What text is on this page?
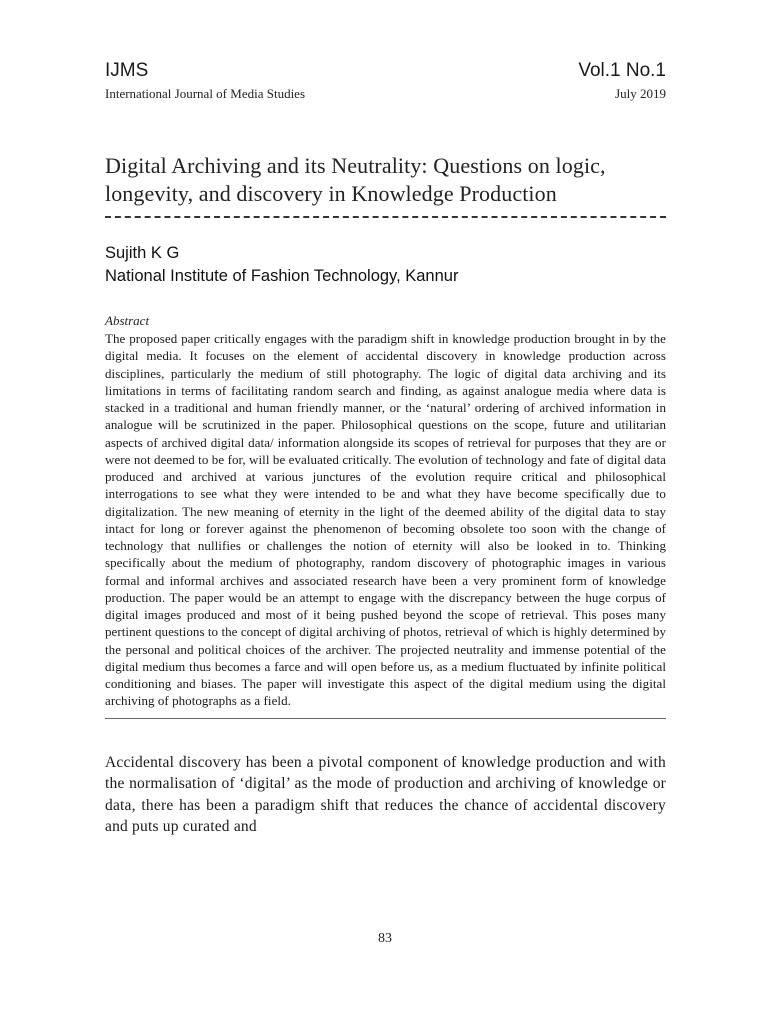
IJMS	Vol.1 No.1
International Journal of Media Studies	July 2019
Digital Archiving and its Neutrality: Questions on logic, longevity, and discovery in Knowledge Production
Sujith K G
National Institute of Fashion Technology, Kannur
Abstract
The proposed paper critically engages with the paradigm shift in knowledge production brought in by the digital media. It focuses on the element of accidental discovery in knowledge production across disciplines, particularly the medium of still photography. The logic of digital data archiving and its limitations in terms of facilitating random search and finding, as against analogue media where data is stacked in a traditional and human friendly manner, or the ‘natural’ ordering of archived information in analogue will be scrutinized in the paper. Philosophical questions on the scope, future and utilitarian aspects of archived digital data/ information alongside its scopes of retrieval for purposes that they are or were not deemed to be for, will be evaluated critically. The evolution of technology and fate of digital data produced and archived at various junctures of the evolution require critical and philosophical interrogations to see what they were intended to be and what they have become specifically due to digitalization. The new meaning of eternity in the light of the deemed ability of the digital data to stay intact for long or forever against the phenomenon of becoming obsolete too soon with the change of technology that nullifies or challenges the notion of eternity will also be looked in to. Thinking specifically about the medium of photography, random discovery of photographic images in various formal and informal archives and associated research have been a very prominent form of knowledge production. The paper would be an attempt to engage with the discrepancy between the huge corpus of digital images produced and most of it being pushed beyond the scope of retrieval. This poses many pertinent questions to the concept of digital archiving of photos, retrieval of which is highly determined by the personal and political choices of the archiver. The projected neutrality and immense potential of the digital medium thus becomes a farce and will open before us, as a medium fluctuated by infinite political conditioning and biases. The paper will investigate this aspect of the digital medium using the digital archiving of photographs as a field.
Accidental discovery has been a pivotal component of knowledge production and with the normalisation of ‘digital’ as the mode of production and archiving of knowledge or data, there has been a paradigm shift that reduces the chance of accidental discovery and puts up curated and
83
